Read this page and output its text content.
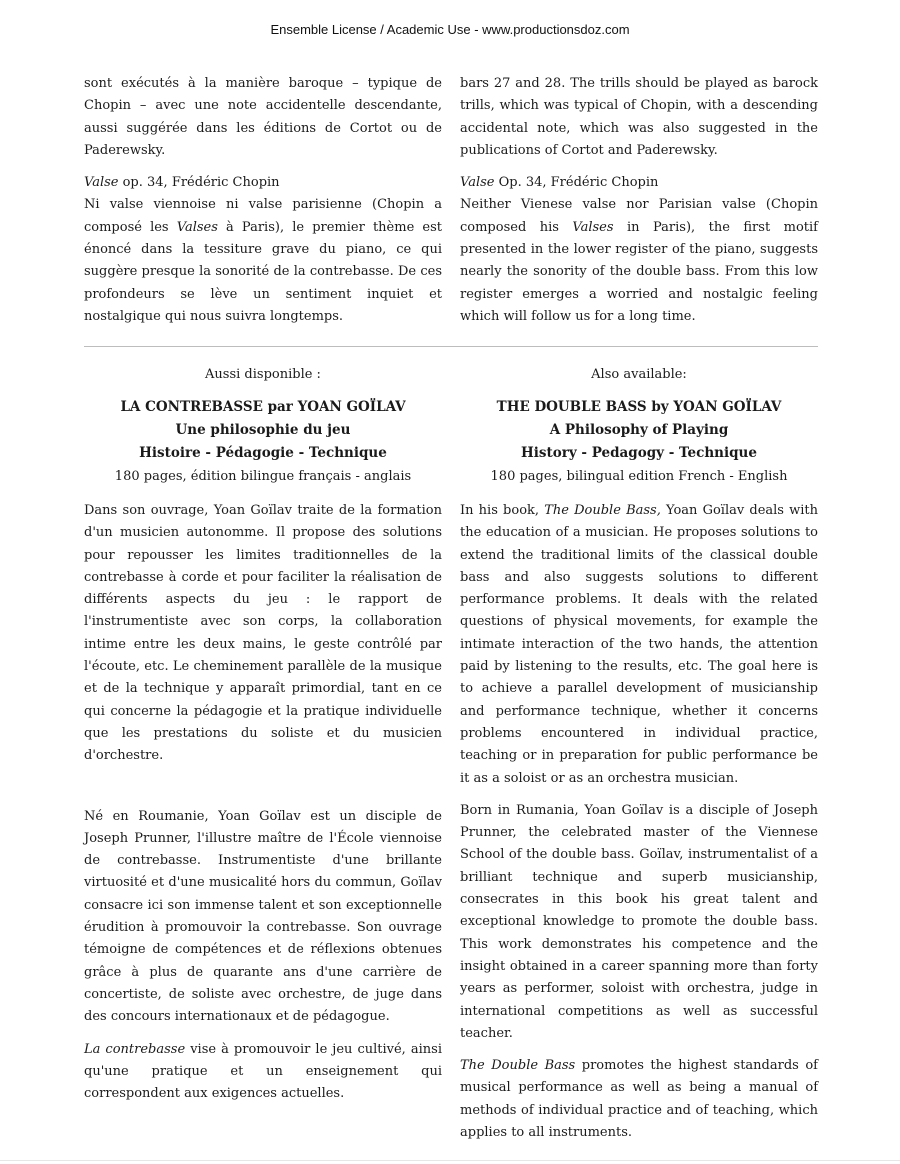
Ensemble License / Academic Use - www.productionsdoz.com

sont exécutés à la manière baroque – typique de Chopin – avec une note accidentelle descendante, aussi suggérée dans les éditions de Cortot ou de Paderewsky.

Valse op. 34, Frédéric Chopin

Ni valse viennoise ni valse parisienne (Chopin a composé les Valses à Paris), le premier thème est énoncé dans la tessiture grave du piano, ce qui suggère presque la sonorité de la contrebasse. De ces profondeurs se lève un sentiment inquiet et nostalgique qui nous suivra longtemps.

bars 27 and 28. The trills should be played as barock trills, which was typical of Chopin, with a descending accidental note, which was also suggested in the publications of Cortot and Paderewsky.

Valse Op. 34, Frédéric Chopin

Neither Vienese valse nor Parisian valse (Chopin composed his Valses in Paris), the first motif presented in the lower register of the piano, suggests nearly the sonority of the double bass. From this low register emerges a worried and nostalgic feeling which will follow us for a long time.

Aussi disponible :
LA CONTREBASSE par YOAN GOÏLAV
Une philosophie du jeu
Histoire - Pédagogie - Technique
180 pages, édition bilingue français - anglais
Also available:
THE DOUBLE BASS by YOAN GOÏLAV
A Philosophy of Playing
History - Pedagogy - Technique
180 pages, bilingual edition French - English

Dans son ouvrage, Yoan Goïlav traite de la formation d'un musicien autonomme. Il propose des solutions pour repousser les limites traditionnelles de la contrebasse à corde et pour faciliter la réalisation de différents aspects du jeu : le rapport de l'instrumentiste avec son corps, la collaboration intime entre les deux mains, le geste contrôlé par l'écoute, etc. Le cheminement parallèle de la musique et de la technique y apparaît primordial, tant en ce qui concerne la pédagogie et la pratique individuelle que les prestations du soliste et du musicien d'orchestre.

Né en Roumanie, Yoan Goïlav est un disciple de Joseph Prunner, l'illustre maître de l'École viennoise de contrebasse. Instrumentiste d'une brillante virtuosité et d'une musicalité hors du commun, Goïlav consacre ici son immense talent et son exceptionnelle érudition à promouvoir la contrebasse. Son ouvrage témoigne de compétences et de réflexions obtenues grâce à plus de quarante ans d'une carrière de concertiste, de soliste avec orchestre, de juge dans des concours internationaux et de pédagogue.

La contrebasse vise à promouvoir le jeu cultivé, ainsi qu'une pratique et un enseignement qui correspondent aux exigences actuelles.

In his book, The Double Bass, Yoan Goïlav deals with the education of a musician. He proposes solutions to extend the traditional limits of the classical double bass and also suggests solutions to different performance problems. It deals with the related questions of physical movements, for example the intimate interaction of the two hands, the attention paid by listening to the results, etc. The goal here is to achieve a parallel development of musicianship and performance technique, whether it concerns problems encountered in individual practice, teaching or in preparation for public performance be it as a soloist or as an orchestra musician.

Born in Rumania, Yoan Goïlav is a disciple of Joseph Prunner, the celebrated master of the Viennese School of the double bass. Goïlav, instrumentalist of a brilliant technique and superb musicianship, consecrates in this book his great talent and exceptional knowledge to promote the double bass. This work demonstrates his competence and the insight obtained in a career spanning more than forty years as performer, soloist with orchestra, judge in international competitions as well as successful teacher.

The Double Bass promotes the highest standards of musical performance as well as being a manual of methods of individual practice and of teaching, which applies to all instruments.
